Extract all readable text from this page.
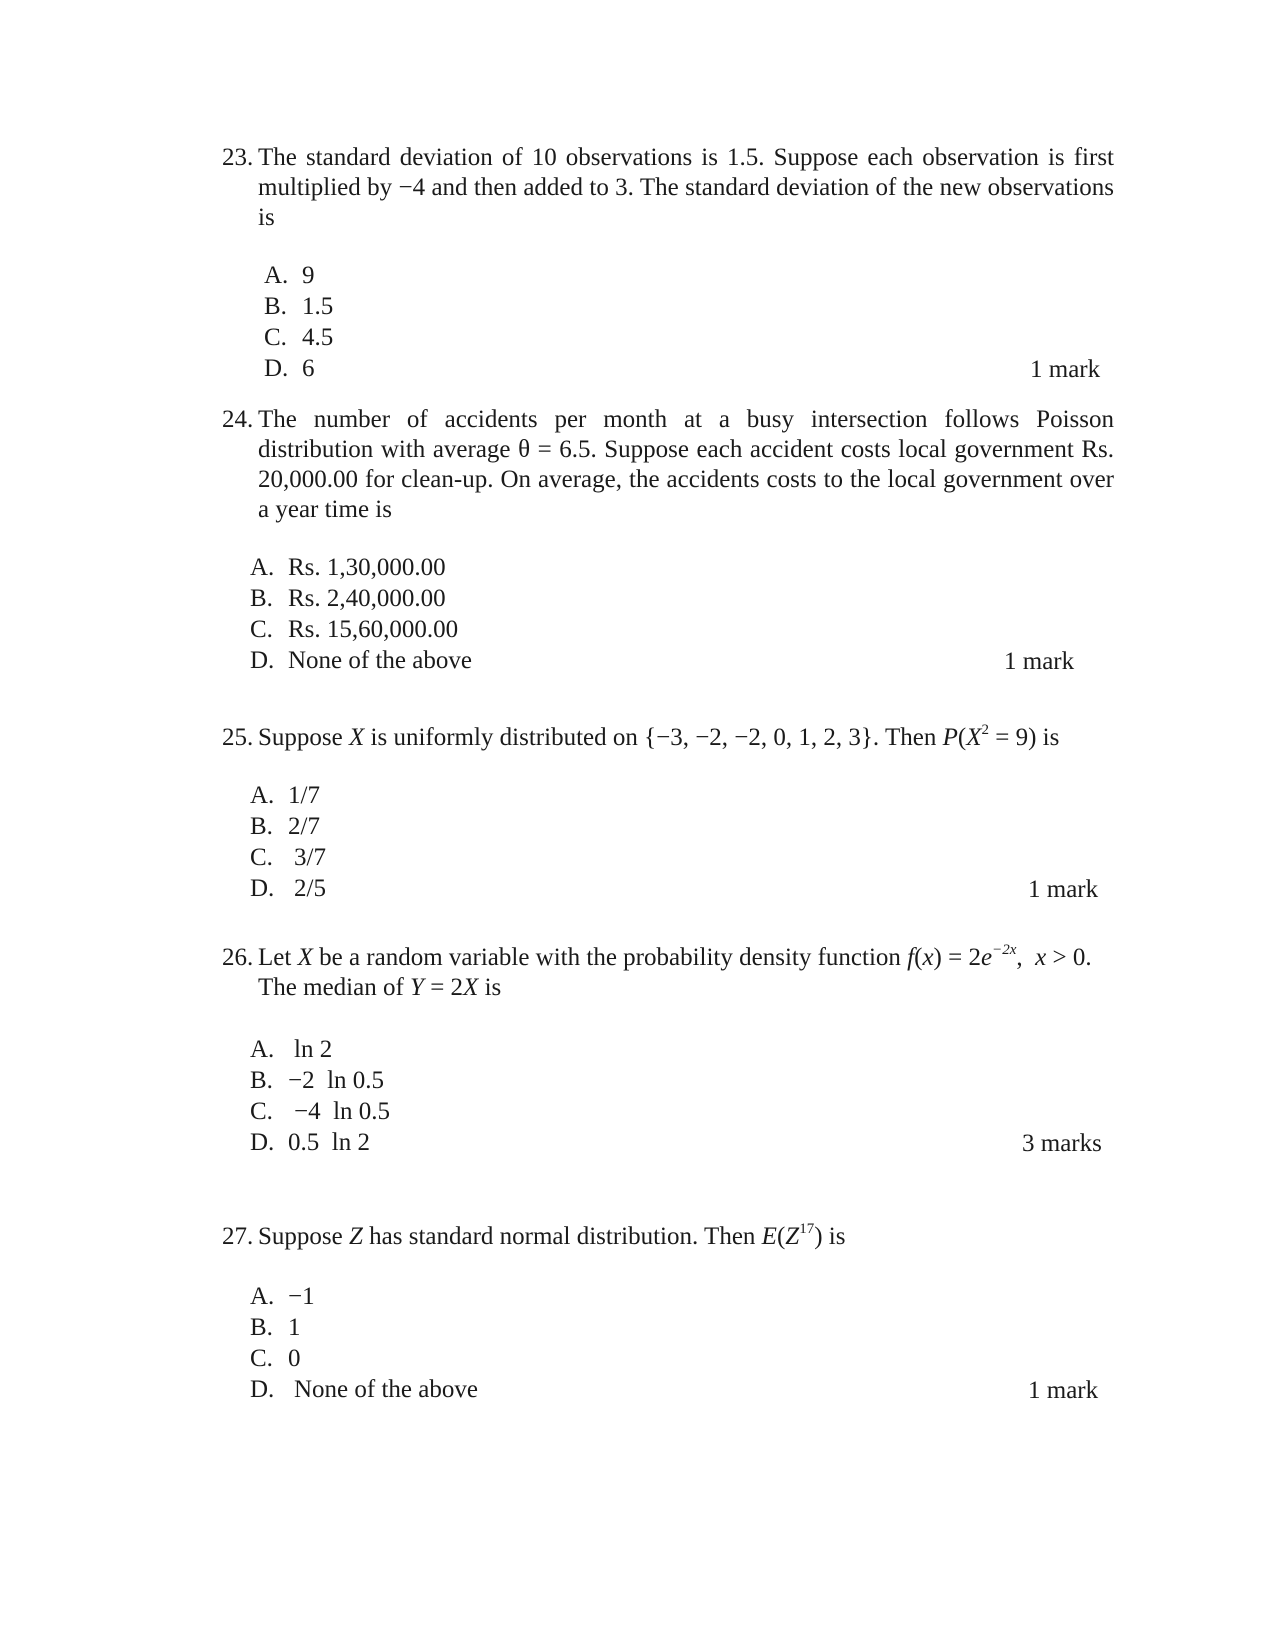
23. The standard deviation of 10 observations is 1.5. Suppose each observation is first multiplied by −4 and then added to 3. The standard deviation of the new observations is
A. 9
B. 1.5
C. 4.5
D. 6	1 mark
24. The number of accidents per month at a busy intersection follows Poisson distribution with average θ = 6.5. Suppose each accident costs local government Rs. 20,000.00 for clean-up. On average, the accidents costs to the local government over a year time is
A. Rs. 1,30,000.00
B. Rs. 2,40,000.00
C. Rs. 15,60,000.00
D. None of the above	1 mark
25. Suppose X is uniformly distributed on {−3, −2, −2, 0, 1, 2, 3}. Then $P(X^2 = 9)$ is
A. 1/7
B. 2/7
C. 3/7
D. 2/5	1 mark
26. Let X be a random variable with the probability density function $f(x) = 2e^{-2x}$,  x > 0. The median of Y = 2X is
A. ln 2
B. −2  ln 0.5
C. −4  ln 0.5
D. 0.5  ln 2	3 marks
27. Suppose Z has standard normal distribution. Then $E(Z^{17})$ is
A. −1
B. 1
C. 0
D. None of the above	1 mark
